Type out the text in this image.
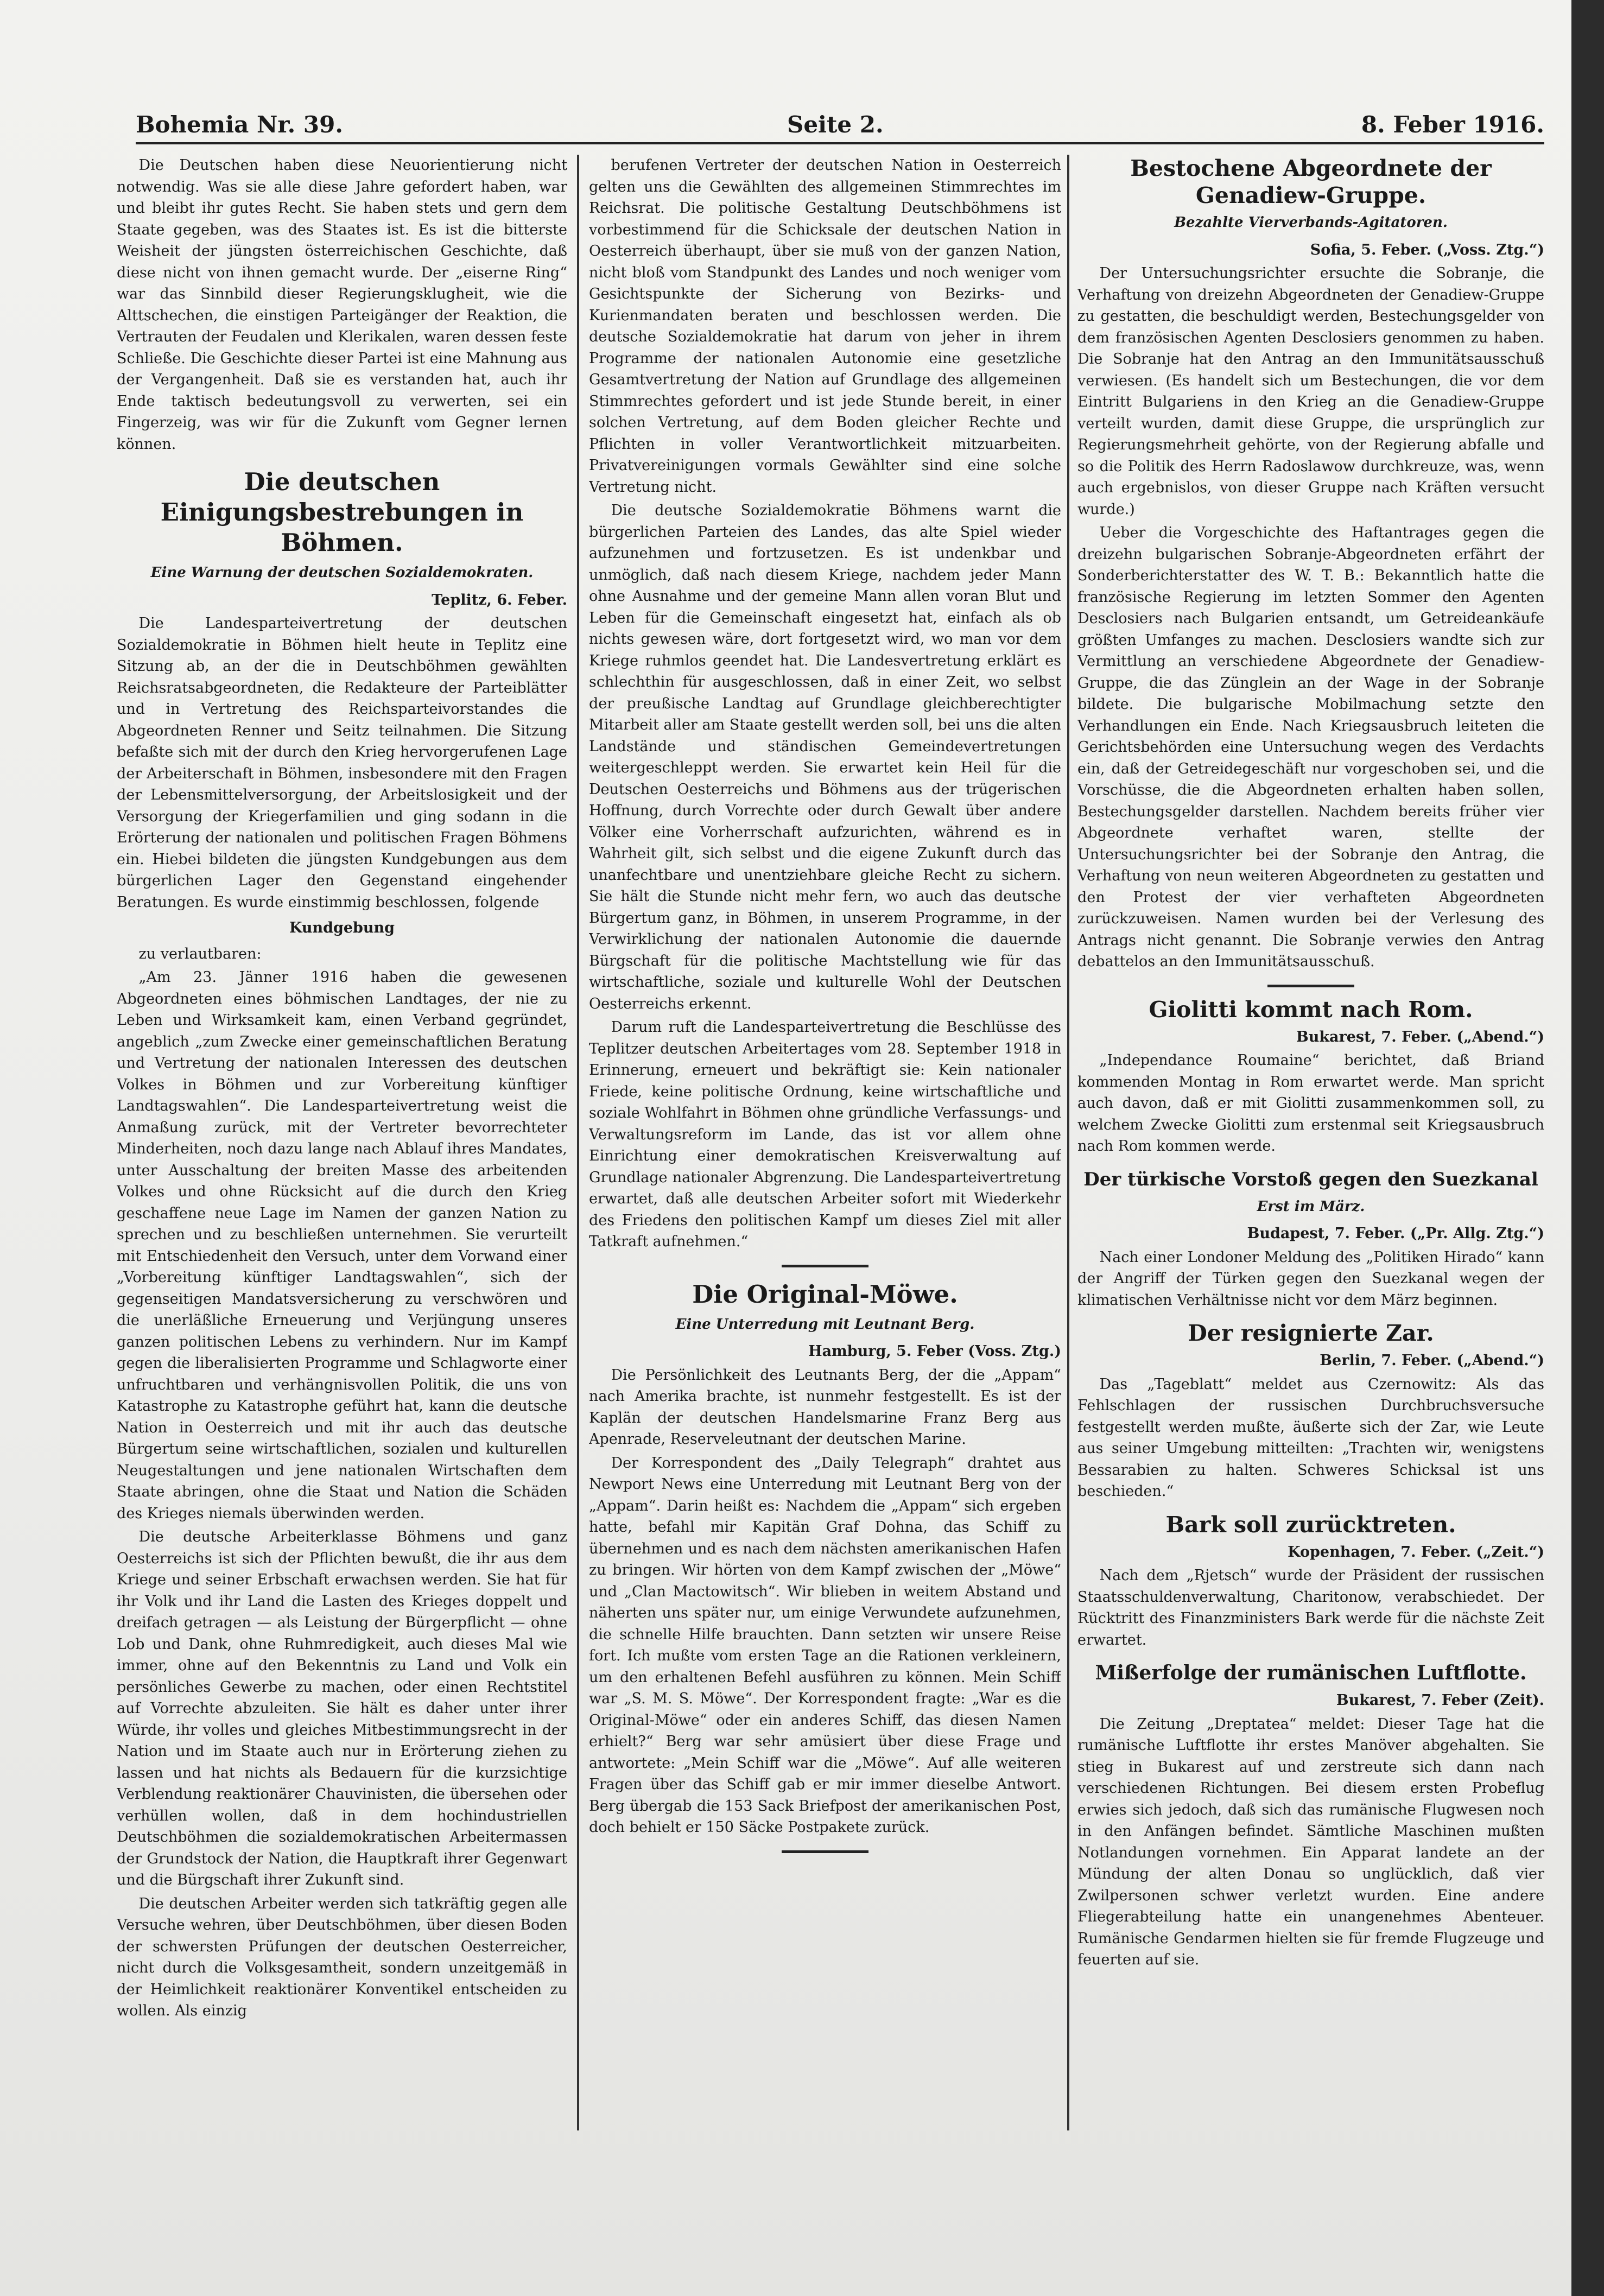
Bohemia Nr. 39.	Seite 2.	8. Feber 1916.

Die Deutschen haben diese Neuorientierung nicht notwendig. Was sie alle diese Jahre gefordert haben, war und bleibt ihr gutes Recht. Sie haben stets und gern dem Staate gegeben, was des Staates ist. Es ist die bitterste Weisheit der jüngsten österreichischen Geschichte, daß diese nicht von ihnen gemacht wurde. Der „eiserne Ring“ war das Sinnbild dieser Regierungsklugheit, wie die Alttschechen, die einstigen Parteigänger der Reaktion, die Vertrauten der Feudalen und Klerikalen, waren dessen feste Schließe. Die Geschichte dieser Partei ist eine Mahnung aus der Vergangenheit. Daß sie es verstanden hat, auch ihr Ende taktisch bedeutungsvoll zu verwerten, sei ein Fingerzeig, was wir für die Zukunft vom Gegner lernen können.

Die deutschen Einigungsbestrebungen in Böhmen.
Eine Warnung der deutschen Sozialdemokraten.
Teplitz, 6. Feber.

Die Landesparteivertretung der deutschen Sozialdemokratie in Böhmen hielt heute in Teplitz eine Sitzung ab, an der die in Deutschböhmen gewählten Reichsratsabgeordneten, die Redakteure der Parteiblätter und in Vertretung des Reichsparteivorstandes die Abgeordneten Renner und Seitz teilnahmen. Die Sitzung befaßte sich mit der durch den Krieg hervorgerufenen Lage der Arbeiterschaft in Böhmen, insbesondere mit den Fragen der Lebensmittelversorgung, der Arbeitslosigkeit und der Versorgung der Kriegerfamilien und ging sodann in die Erörterung der nationalen und politischen Fragen Böhmens ein. Hiebei bildeten die jüngsten Kundgebungen aus dem bürgerlichen Lager den Gegenstand eingehender Beratungen. Es wurde einstimmig beschlossen, folgende

Kundgebung

zu verlautbaren:

„Am 23. Jänner 1916 haben die gewesenen Abgeordneten eines böhmischen Landtages, der nie zu Leben und Wirksamkeit kam, einen Verband gegründet, angeblich „zum Zwecke einer gemeinschaftlichen Beratung und Vertretung der nationalen Interessen des deutschen Volkes in Böhmen und zur Vorbereitung künftiger Landtagswahlen“. Die Landesparteivertretung weist die Anmaßung zurück, mit der Vertreter bevorrechteter Minderheiten, noch dazu lange nach Ablauf ihres Mandates, unter Ausschaltung der breiten Masse des arbeitenden Volkes und ohne Rücksicht auf die durch den Krieg geschaffene neue Lage im Namen der ganzen Nation zu sprechen und zu beschließen unternehmen. Sie verurteilt mit Entschiedenheit den Versuch, unter dem Vorwand einer „Vorbereitung künftiger Landtagswahlen“, sich der gegenseitigen Mandatsversicherung zu verschwören und die unerläßliche Erneuerung und Verjüngung unseres ganzen politischen Lebens zu verhindern. Nur im Kampf gegen die liberalisierten Programme und Schlagworte einer unfruchtbaren und verhängnisvollen Politik, die uns von Katastrophe zu Katastrophe geführt hat, kann die deutsche Nation in Oesterreich und mit ihr auch das deutsche Bürgertum seine wirtschaftlichen, sozialen und kulturellen Neugestaltungen und jene nationalen Wirtschaften dem Staate abringen, ohne die Staat und Nation die Schäden des Krieges niemals überwinden werden.

Die deutsche Arbeiterklasse Böhmens und ganz Oesterreichs ist sich der Pflichten bewußt, die ihr aus dem Kriege und seiner Erbschaft erwachsen werden. Sie hat für ihr Volk und ihr Land die Lasten des Krieges doppelt und dreifach getragen — als Leistung der Bürgerpflicht — ohne Lob und Dank, ohne Ruhmredigkeit, auch dieses Mal wie immer, ohne auf den Bekenntnis zu Land und Volk ein persönliches Gewerbe zu machen, oder einen Rechtstitel auf Vorrechte abzuleiten. Sie hält es daher unter ihrer Würde, ihr volles und gleiches Mitbestimmungsrecht in der Nation und im Staate auch nur in Erörterung ziehen zu lassen und hat nichts als Bedauern für die kurzsichtige Verblendung reaktionärer Chauvinisten, die übersehen oder verhüllen wollen, daß in dem hochindustriellen Deutschböhmen die sozialdemokratischen Arbeitermassen der Grundstock der Nation, die Hauptkraft ihrer Gegenwart und die Bürgschaft ihrer Zukunft sind.

Die deutschen Arbeiter werden sich tatkräftig gegen alle Versuche wehren, über Deutschböhmen, über diesen Boden der schwersten Prüfungen der deutschen Oesterreicher, nicht durch die Volksgesamtheit, sondern unzeitgemäß in der Heimlichkeit reaktionärer Konventikel entscheiden zu wollen. Als einzig

berufenen Vertreter der deutschen Nation in Oesterreich gelten uns die Gewählten des allgemeinen Stimmrechtes im Reichsrat. Die politische Gestaltung Deutschböhmens ist vorbestimmend für die Schicksale der deutschen Nation in Oesterreich überhaupt, über sie muß von der ganzen Nation, nicht bloß vom Standpunkt des Landes und noch weniger vom Gesichtspunkte der Sicherung von Bezirks- und Kurienmandaten beraten und beschlossen werden. Die deutsche Sozialdemokratie hat darum von jeher in ihrem Programme der nationalen Autonomie eine gesetzliche Gesamtvertretung der Nation auf Grundlage des allgemeinen Stimmrechtes gefordert und ist jede Stunde bereit, in einer solchen Vertretung, auf dem Boden gleicher Rechte und Pflichten in voller Verantwortlichkeit mitzuarbeiten. Privatvereinigungen vormals Gewählter sind eine solche Vertretung nicht.

Die deutsche Sozialdemokratie Böhmens warnt die bürgerlichen Parteien des Landes, das alte Spiel wieder aufzunehmen und fortzusetzen. Es ist undenkbar und unmöglich, daß nach diesem Kriege, nachdem jeder Mann ohne Ausnahme und der gemeine Mann allen voran Blut und Leben für die Gemeinschaft eingesetzt hat, einfach als ob nichts gewesen wäre, dort fortgesetzt wird, wo man vor dem Kriege ruhmlos geendet hat. Die Landesvertretung erklärt es schlechthin für ausgeschlossen, daß in einer Zeit, wo selbst der preußische Landtag auf Grundlage gleichberechtigter Mitarbeit aller am Staate gestellt werden soll, bei uns die alten Landstände und ständischen Gemeindevertretungen weitergeschleppt werden. Sie erwartet kein Heil für die Deutschen Oesterreichs und Böhmens aus der trügerischen Hoffnung, durch Vorrechte oder durch Gewalt über andere Völker eine Vorherrschaft aufzurichten, während es in Wahrheit gilt, sich selbst und die eigene Zukunft durch das unanfechtbare und unentziehbare gleiche Recht zu sichern. Sie hält die Stunde nicht mehr fern, wo auch das deutsche Bürgertum ganz, in Böhmen, in unserem Programme, in der Verwirklichung der nationalen Autonomie die dauernde Bürgschaft für die politische Machtstellung wie für das wirtschaftliche, soziale und kulturelle Wohl der Deutschen Oesterreichs erkennt.

Darum ruft die Landesparteivertretung die Beschlüsse des Teplitzer deutschen Arbeitertages vom 28. September 1918 in Erinnerung, erneuert und bekräftigt sie: Kein nationaler Friede, keine politische Ordnung, keine wirtschaftliche und soziale Wohlfahrt in Böhmen ohne gründliche Verfassungs- und Verwaltungsreform im Lande, das ist vor allem ohne Einrichtung einer demokratischen Kreisverwaltung auf Grundlage nationaler Abgrenzung. Die Landesparteivertretung erwartet, daß alle deutschen Arbeiter sofort mit Wiederkehr des Friedens den politischen Kampf um dieses Ziel mit aller Tatkraft aufnehmen.“

Die Original-Möwe.
Eine Unterredung mit Leutnant Berg.
Hamburg, 5. Feber (Voss. Ztg.)

Die Persönlichkeit des Leutnants Berg, der die „Appam“ nach Amerika brachte, ist nunmehr festgestellt. Es ist der Kaplän der deutschen Handelsmarine Franz Berg aus Apenrade, Reserveleutnant der deutschen Marine.

Der Korrespondent des „Daily Telegraph“ drahtet aus Newport News eine Unterredung mit Leutnant Berg von der „Appam“. Darin heißt es: Nachdem die „Appam“ sich ergeben hatte, befahl mir Kapitän Graf Dohna, das Schiff zu übernehmen und es nach dem nächsten amerikanischen Hafen zu bringen. Wir hörten von dem Kampf zwischen der „Möwe“ und „Clan Mactowitsch“. Wir blieben in weitem Abstand und näherten uns später nur, um einige Verwundete aufzunehmen, die schnelle Hilfe brauchten. Dann setzten wir unsere Reise fort. Ich mußte vom ersten Tage an die Rationen verkleinern, um den erhaltenen Befehl ausführen zu können. Mein Schiff war „S. M. S. Möwe“. Der Korrespondent fragte: „War es die Original-Möwe“ oder ein anderes Schiff, das diesen Namen erhielt?“ Berg war sehr amüsiert über diese Frage und antwortete: „Mein Schiff war die „Möwe“. Auf alle weiteren Fragen über das Schiff gab er mir immer dieselbe Antwort. Berg übergab die 153 Sack Briefpost der amerikanischen Post, doch behielt er 150 Säcke Postpakete zurück.

Bestochene Abgeordnete der Genadiew-Gruppe.
Bezahlte Vierverbands-Agitatoren.
Sofia, 5. Feber. („Voss. Ztg.“)

Der Untersuchungsrichter ersuchte die Sobranje, die Verhaftung von dreizehn Abgeordneten der Genadiew-Gruppe zu gestatten, die beschuldigt werden, Bestechungsgelder von dem französischen Agenten Desclosiers genommen zu haben. Die Sobranje hat den Antrag an den Immunitätsausschuß verwiesen. (Es handelt sich um Bestechungen, die vor dem Eintritt Bulgariens in den Krieg an die Genadiew-Gruppe verteilt wurden, damit diese Gruppe, die ursprünglich zur Regierungsmehrheit gehörte, von der Regierung abfalle und so die Politik des Herrn Radoslawow durchkreuze, was, wenn auch ergebnislos, von dieser Gruppe nach Kräften versucht wurde.)

Ueber die Vorgeschichte des Haftantrages gegen die dreizehn bulgarischen Sobranje-Abgeordneten erfährt der Sonderberichterstatter des W. T. B.: Bekanntlich hatte die französische Regierung im letzten Sommer den Agenten Desclosiers nach Bulgarien entsandt, um Getreideankäufe größten Umfanges zu machen. Desclosiers wandte sich zur Vermittlung an verschiedene Abgeordnete der Genadiew-Gruppe, die das Zünglein an der Wage in der Sobranje bildete. Die bulgarische Mobilmachung setzte den Verhandlungen ein Ende. Nach Kriegsausbruch leiteten die Gerichtsbehörden eine Untersuchung wegen des Verdachts ein, daß der Getreidegeschäft nur vorgeschoben sei, und die Vorschüsse, die die Abgeordneten erhalten haben sollen, Bestechungsgelder darstellen. Nachdem bereits früher vier Abgeordnete verhaftet waren, stellte der Untersuchungsrichter bei der Sobranje den Antrag, die Verhaftung von neun weiteren Abgeordneten zu gestatten und den Protest der vier verhafteten Abgeordneten zurückzuweisen. Namen wurden bei der Verlesung des Antrags nicht genannt. Die Sobranje verwies den Antrag debattelos an den Immunitätsausschuß.

Giolitti kommt nach Rom.
Bukarest, 7. Feber. („Abend.“)

„Independance Roumaine“ berichtet, daß Briand kommenden Montag in Rom erwartet werde. Man spricht auch davon, daß er mit Giolitti zusammenkommen soll, zu welchem Zwecke Giolitti zum erstenmal seit Kriegsausbruch nach Rom kommen werde.

Der türkische Vorstoß gegen den Suezkanal
Erst im März.
Budapest, 7. Feber. („Pr. Allg. Ztg.“)

Nach einer Londoner Meldung des „Politiken Hirado“ kann der Angriff der Türken gegen den Suezkanal wegen der klimatischen Verhältnisse nicht vor dem März beginnen.

Der resignierte Zar.
Berlin, 7. Feber. („Abend.“)

Das „Tageblatt“ meldet aus Czernowitz: Als das Fehlschlagen der russischen Durchbruchsversuche festgestellt werden mußte, äußerte sich der Zar, wie Leute aus seiner Umgebung mitteilten: „Trachten wir, wenigstens Bessarabien zu halten. Schweres Schicksal ist uns beschieden.“

Bark soll zurücktreten.
Kopenhagen, 7. Feber. („Zeit.“)

Nach dem „Rjetsch“ wurde der Präsident der russischen Staatsschuldenverwaltung, Charitonow, verabschiedet. Der Rücktritt des Finanzministers Bark werde für die nächste Zeit erwartet.

Mißerfolge der rumänischen Luftflotte.
Bukarest, 7. Feber (Zeit).

Die Zeitung „Dreptatea“ meldet: Dieser Tage hat die rumänische Luftflotte ihr erstes Manöver abgehalten. Sie stieg in Bukarest auf und zerstreute sich dann nach verschiedenen Richtungen. Bei diesem ersten Probeflug erwies sich jedoch, daß sich das rumänische Flugwesen noch in den Anfängen befindet. Sämtliche Maschinen mußten Notlandungen vornehmen. Ein Apparat landete an der Mündung der alten Donau so unglücklich, daß vier Zwilpersonen schwer verletzt wurden. Eine andere Fliegerabteilung hatte ein unangenehmes Abenteuer. Rumänische Gendarmen hielten sie für fremde Flugzeuge und feuerten auf sie.
